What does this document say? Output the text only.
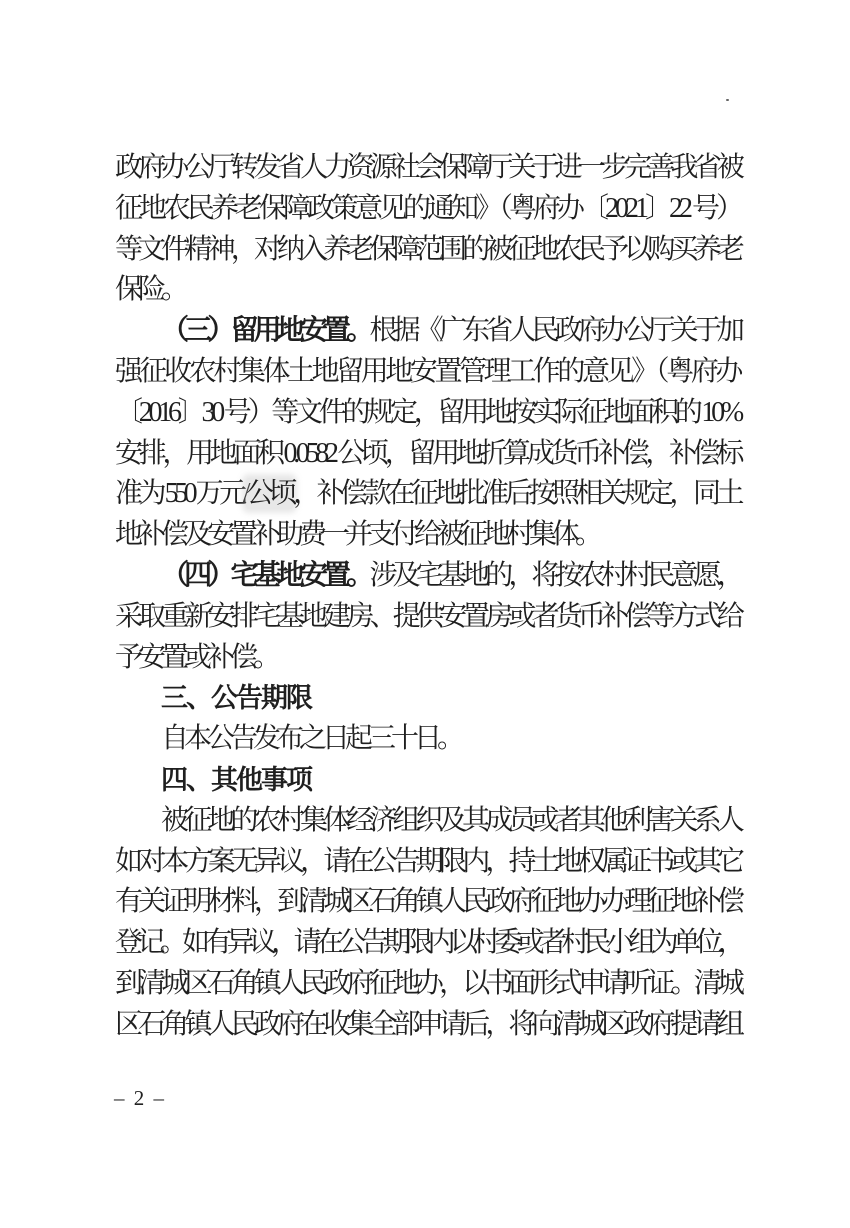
政府办公厅转发省人力资源社会保障厅关于进一步完善我省被
征地农民养老保障政策意见的通知》（粤府办〔2021〕22 号）
等文件精神，对纳入养老保障范围的被征地农民予以购买养老
保险。
（三）留用地安置。根据《广东省人民政府办公厅关于加
强征收农村集体土地留用地安置管理工作的意见》（粤府办
〔2016〕30 号）等文件的规定，留用地按实际征地面积的 10%
安排，用地面积 0.0582 公顷，留用地折算成货币补偿，补偿标
准为 550 万元/公顷，补偿款在征地批准后按照相关规定，同土
地补偿及安置补助费一并支付给被征地村集体。
（四）宅基地安置。涉及宅基地的，将按农村村民意愿，
采取重新安排宅基地建房、提供安置房或者货币补偿等方式给
予安置或补偿。
三、公告期限
自本公告发布之日起三十日。
四、其他事项
被征地的农村集体经济组织及其成员或者其他利害关系人
如对本方案无异议，请在公告期限内，持土地权属证书或其它
有关证明材料，到清城区石角镇人民政府征地办办理征地补偿
登记。如有异议，请在公告期限内以村委或者村民小组为单位，
到清城区石角镇人民政府征地办，以书面形式申请听证。清城
区石角镇人民政府在收集全部申请后，将向清城区政府提请组
– 2 –
